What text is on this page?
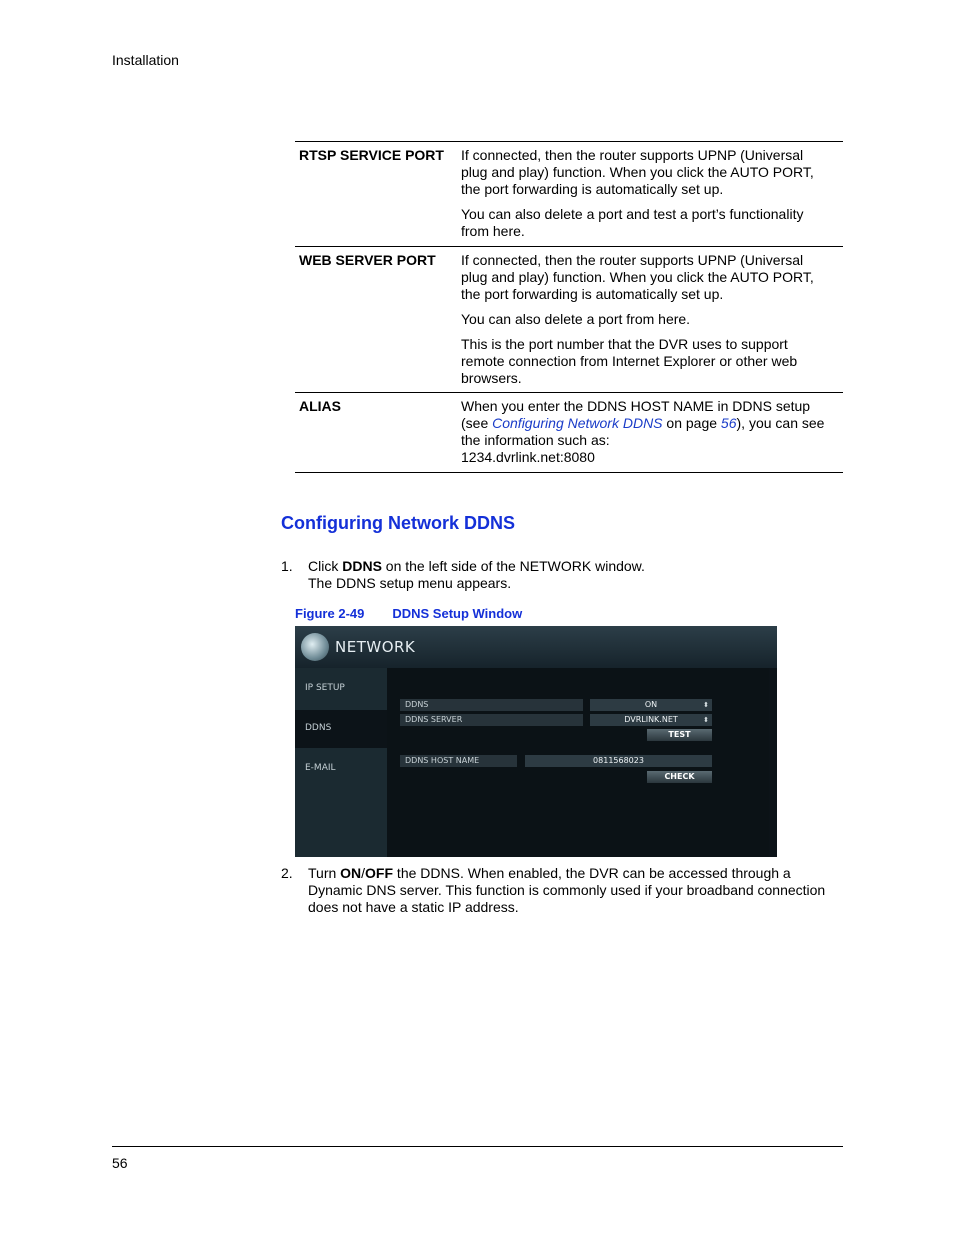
Installation
RTSP SERVICE PORT	If connected, then the router supports UPNP (Universal plug and play) function. When you click the AUTO PORT, the port forwarding is automatically set up.

You can also delete a port and test a port’s functionality from here.

WEB SERVER PORT	If connected, then the router supports UPNP (Universal plug and play) function. When you click the AUTO PORT, the port forwarding is automatically set up.

You can also delete a port from here.

This is the port number that the DVR uses to support remote connection from Internet Explorer or other web browsers.

ALIAS	When you enter the DDNS HOST NAME in DDNS setup (see Configuring Network DDNS on page 56), you can see the information such as:
1234.dvrlink.net:8080

Configuring Network DDNS
1. Click DDNS on the left side of the NETWORK window.
The DDNS setup menu appears.
Figure 2-49 DDNS Setup Window
NETWORK
IP SETUP
DDNS
E-MAIL
DDNS	ON	⬍
DDNS SERVER	DVRLINK.NET	⬍
TEST
DDNS HOST NAME	0811568023
CHECK
2. Turn ON/OFF the DDNS. When enabled, the DVR can be accessed through a Dynamic DNS server. This function is commonly used if your broadband connection does not have a static IP address.
56
